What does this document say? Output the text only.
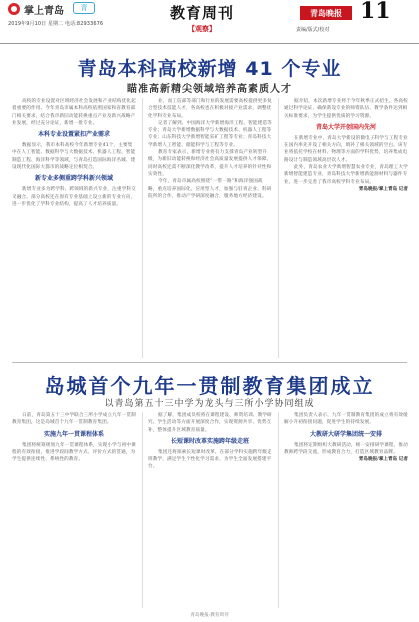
掌上青岛	青
2019年9月10日 星期二 电话:82933676
教育周刊
【观察】
青岛晚报 11
责编/版式/校对
青岛本科高校新增 41 个专业
瞄准高新精尖领域培养高素质人才

高校的专业设置对区域经济社会发展和产业结构优化起着重要的作用。今年青岛市属本科高校依照国家和省教育部门相关要求，结合我市新旧动能转换重点产业及新兴战略产业发展，经过充分论证，新增一批专业。

本科专业设置紧扣产业需求

数据显示，我市本科高校今年新增专业41个，主要集中在人工智能、数据科学与大数据技术、机器人工程、智能制造工程、海洋科学等领域，与青岛打造国际海洋名城、建设现代化国际大都市的战略定位相契合。

新专业多侧重跨学科新兴领域

新增专业多为跨学科、跨领域的新兴专业，注重学科交叉融合。部分高校还在原有专业基础上设立新的专业方向，进一步优化了学科专业结构，提高了人才培养质量。

业，而工信部等部门和行业的发展需要高校提供更多复合型技术技能人才，各高校也在积极对接产业需求，调整优化学科专业布局。

记者了解到，中国海洋大学新增海洋工程、智能建造等专业；青岛大学新增数据科学与大数据技术、机器人工程等专业；山东科技大学新增智能采矿工程等专业；青岛科技大学新增人工智能、储能科学与工程等专业。

教育专家表示，新增专业将有力支撑青岛产业转型升级，为新旧动能转换和经济社会高质量发展提供人才保障。同时高校还需不断深化教学改革，提升人才培养的针对性和实效性。

今年，青岛市属高校围绕“一带一路”和海洋强国战略，重点培养国际化、应用型人才，加强与驻青企业、科研院所的合作，推动产学研深度融合，服务地方经济建设。

据介绍，本次新增专业将于今年秋季正式招生。各高校通过科学论证，确保新设专业的师资队伍、教学条件达到相关标准要求，为学生提供优质的学习资源。

青岛大学开创国内先河

在新增专业中，青岛大学新设的微电子科学与工程专业在国内率先开设了相关方向，填补了相关领域的空白。该专业将依托学校在材料、物理等方面的学科优势，培养集成电路设计与制造领域高层次人才。

此外，青岛农业大学新增智慧农业专业，青岛理工大学新增智能建造专业，青岛科技大学新增新能源材料与器件专业，进一步完善了我市高校学科专业布局。

青岛晚报/掌上青岛 记者
岛城首个九年一贯制教育集团成立
以青岛第五十三中学为龙头与三所小学协同组成

日前，青岛第五十三中学联合三所小学成立九年一贯制教育集团，这是岛城首个九年一贯制教育集团。

实施九年一贯课程体系

集团将统筹规划九年一贯课程体系，实现小学与初中课程的有效衔接，推进学段间教学方式、评价方式的贯通，为学生提供连续性、系统性的教育。

据了解，集团成员校将在课程建设、师资培训、教学研究、学生活动等方面开展深度合作，实现资源共享、优势互补，整体提升区域教育质量。

长短课时改革实施跨年级走班

集团还将探索长短课时改革，在部分学科实施跨年级走班教学，满足学生个性化学习需求，为学生全面发展搭建平台。

集团负责人表示，九年一贯制教育集团的成立将有效缓解小升初衔接问题，促进学生的持续发展。

大教研大研学集团统一安排

集团将定期组织大教研活动，统一安排研学课程，推动教师跨学段交流，形成教育合力，打造区域教育品牌。

青岛晚报/掌上青岛 记者
青岛晚报·教育周刊
